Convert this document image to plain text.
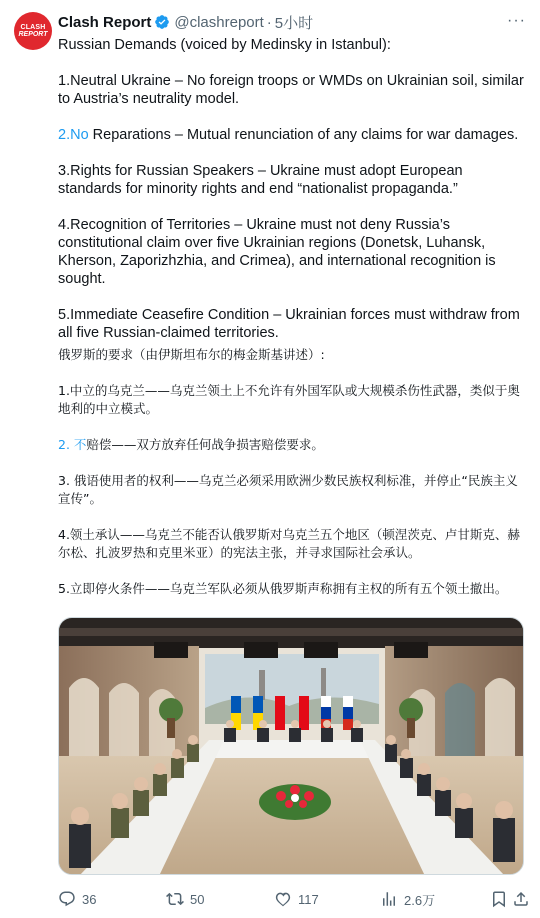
CLASH
REPORT
Clash Report @clashreport · 5小时	···

Russian Demands (voiced by Medinsky in Istanbul):

1.Neutral Ukraine – No foreign troops or WMDs on Ukrainian soil, similar to Austria’s neutrality model.

2.No Reparations – Mutual renunciation of any claims for war damages.

3.Rights for Russian Speakers – Ukraine must adopt European standards for minority rights and end “nationalist propaganda.”

4.Recognition of Territories – Ukraine must not deny Russia’s constitutional claim over five Ukrainian regions (Donetsk, Luhansk, Kherson, Zaporizhzhia, and Crimea), and international recognition is sought.

5.Immediate Ceasefire Condition – Ukrainian forces must withdraw from all five Russian-claimed territories.

俄罗斯的要求（由伊斯坦布尔的梅金斯基讲述）:

1.中立的乌克兰——乌克兰领土上不允许有外国军队或大规模杀伤性武器，类似于奥地利的中立模式。

2. 不赔偿——双方放弃任何战争损害赔偿要求。

3. 俄语使用者的权利——乌克兰必须采用欧洲少数民族权利标准，并停止“民族主义宣传”。

4.领土承认——乌克兰不能否认俄罗斯对乌克兰五个地区（顿涅茨克、卢甘斯克、赫尔松、扎波罗热和克里米亚）的宪法主张，并寻求国际社会承认。

5.立即停火条件——乌克兰军队必须从俄罗斯声称拥有主权的所有五个领土撤出。

36	50	117	2.6万
